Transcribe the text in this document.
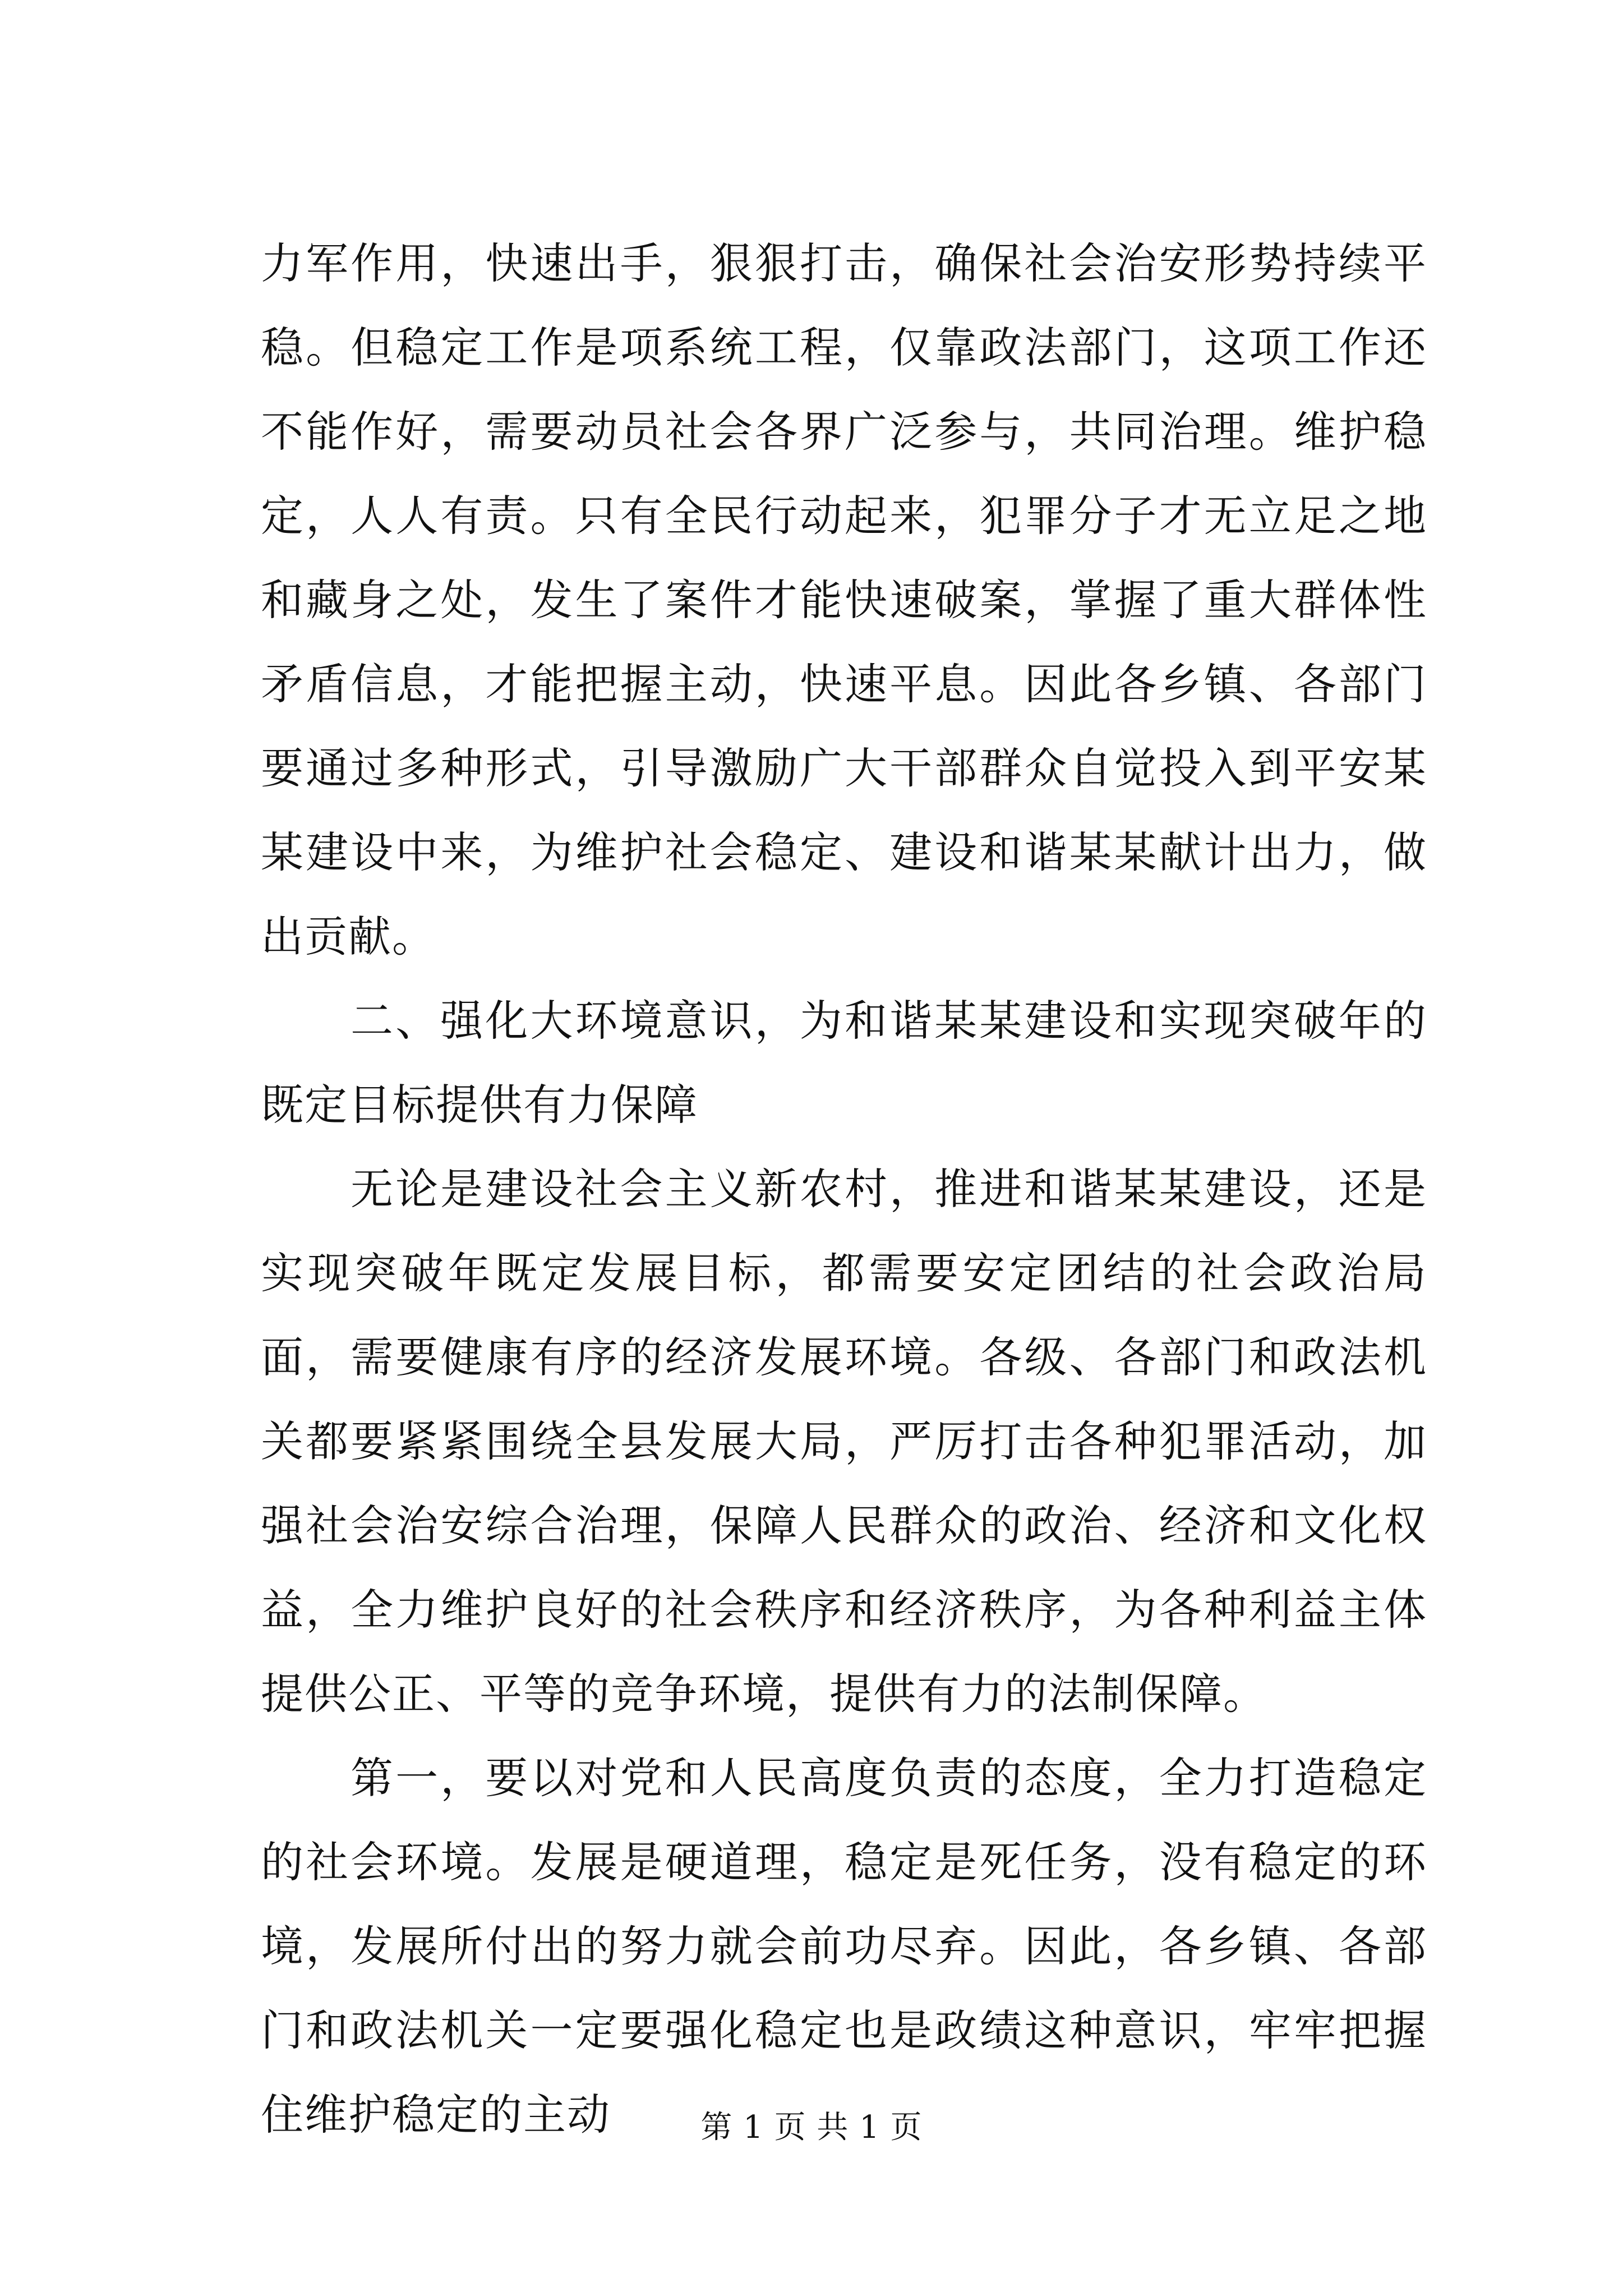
力军作用，快速出手，狠狠打击，确保社会治安形势持续平稳。但稳定工作是项系统工程，仅靠政法部门，这项工作还不能作好，需要动员社会各界广泛参与，共同治理。维护稳定，人人有责。只有全民行动起来，犯罪分子才无立足之地和藏身之处，发生了案件才能快速破案，掌握了重大群体性矛盾信息，才能把握主动，快速平息。因此各乡镇、各部门要通过多种形式，引导激励广大干部群众自觉投入到平安某某建设中来，为维护社会稳定、建设和谐某某献计出力，做出贡献。

二、强化大环境意识，为和谐某某建设和实现突破年的既定目标提供有力保障

无论是建设社会主义新农村，推进和谐某某建设，还是实现突破年既定发展目标，都需要安定团结的社会政治局面，需要健康有序的经济发展环境。各级、各部门和政法机关都要紧紧围绕全县发展大局，严厉打击各种犯罪活动，加强社会治安综合治理，保障人民群众的政治、经济和文化权益，全力维护良好的社会秩序和经济秩序，为各种利益主体提供公正、平等的竞争环境，提供有力的法制保障。

第一，要以对党和人民高度负责的态度，全力打造稳定的社会环境。发展是硬道理，稳定是死任务，没有稳定的环境，发展所付出的努力就会前功尽弃。因此，各乡镇、各部门和政法机关一定要强化稳定也是政绩这种意识，牢牢把握住维护稳定的主动	第 1 页 共 1 页
